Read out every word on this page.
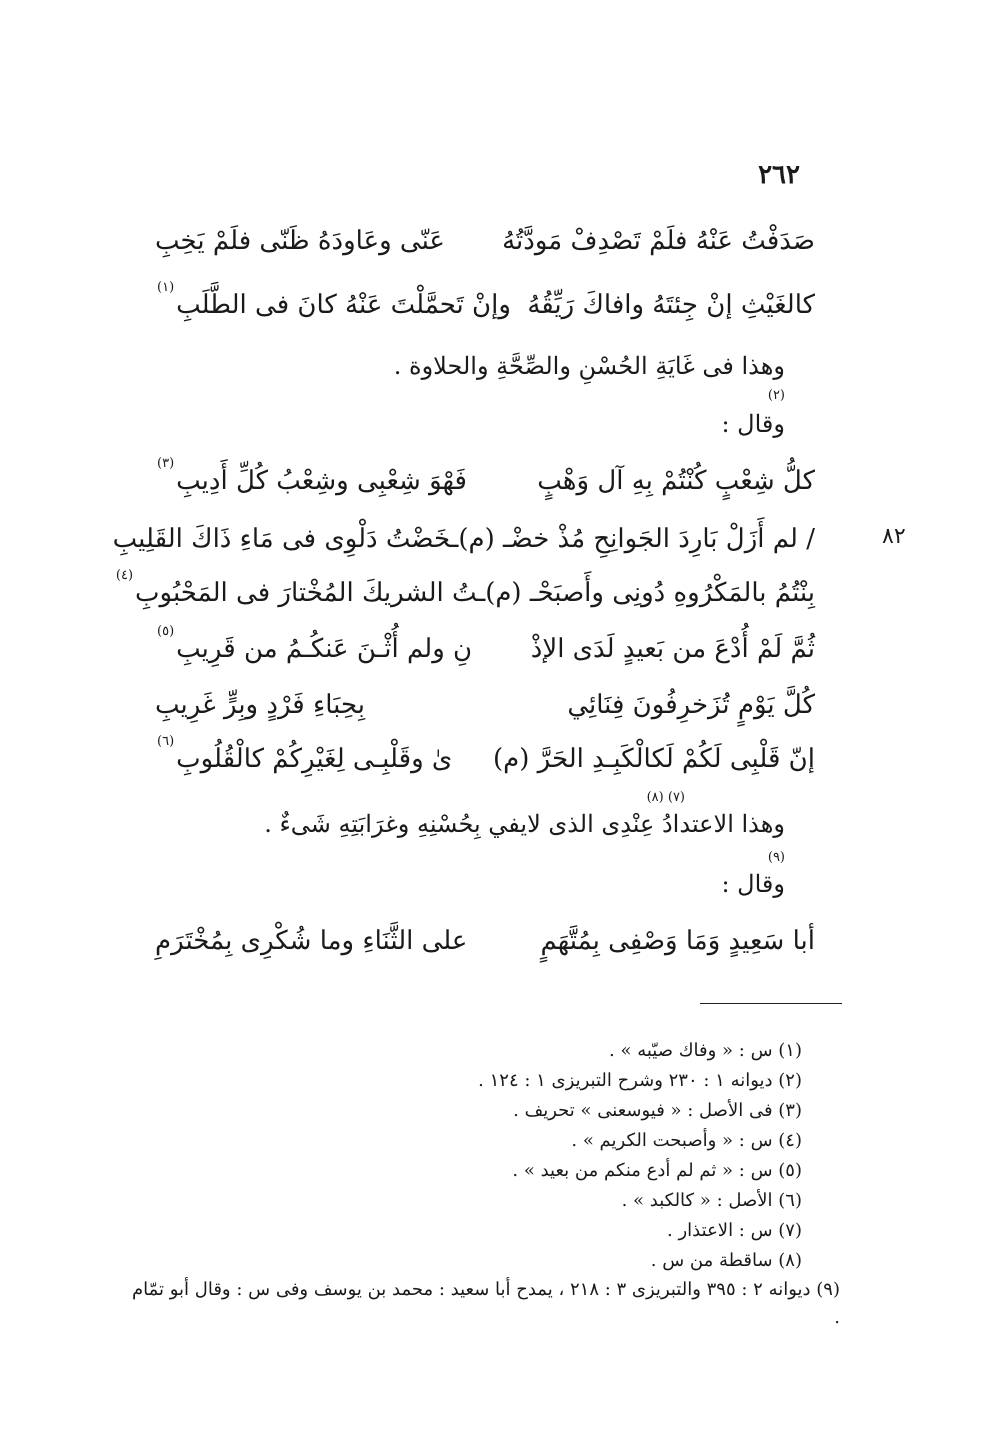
٢٦٢
٨٢
صَدَفْتُ عَنْهُ فلَمْ تَصْدِفْ مَودَّتُهُ
عَنّى وعَاودَهُ ظَنّى فلَمْ يَخِبِ
كالغَيْثِ إنْ جِئتَهُ وافاكَ رَيِّقُهُ
وإنْ تَحمَّلْتَ عَنْهُ كانَ فى الطَّلَبِ$^{(١)}$
وهذا فى غَايَةِ الحُسْنِ والصِّحَّةِ والحلاوة .
(٢)
وقال :
كلُّ شِعْبٍ كُنْتُمْ بِهِ آل وَهْبٍ
فَهْوَ شِعْبِى وشِعْبُ كُلِّ أَدِيبِ$^{(٣)}$
/ لم أَزَلْ بَارِدَ الجَوانِحِ مُذْ خضْـ (م)
ـخَضْتُ دَلْوِى فى مَاءِ ذَاكَ القَلِيبِ
بِنْتُمُ بالمَكْرُوهِ دُونِى وأَصبَحْـ (م)
ـتُ الشريكَ المُخْتارَ فى المَحْبُوبِ$^{(٤)}$
ثُمَّ لَمْ أُدْعَ من بَعيدٍ لَدَى الإذْ
نِ ولم أُثْـنَ عَنكُـمُ من قَرِيبِ$^{(٥)}$
كُلَّ يَوْمٍ تُزَخرِفُونَ فِنَائِي
بِحِبَاءِ فَرْدٍ وبِرٍّ غَرِيبِ
إنّ قَلْبِى لَكُمْ لَكالْكَبِـدِ الحَرَّ (م)
ىٰ وقَلْبِـى لِغَيْرِكُمْ كالْقُلُوبِ$^{(٦)}$
(٧) (٨)
وهذا الاعتدادُ عِنْدِى الذى لايفي بِحُسْنِهِ وغرَابَتِهِ شَىءٌ .
(٩)
وقال :
أبا سَعِيدٍ وَمَا وَصْفِى بِمُتَّهَمٍ
على الثَّنَاءِ وما شُكْرِى بِمُخْتَرَمِ
(١) س : « وفاك صيّبه » .
(٢) ديوانه ١ : ٢٣٠ وشرح التبريزى ١ : ١٢٤ .
(٣) فى الأصل : « فيوسعنى » تحريف .
(٤) س : « وأصبحت الكريم » .
(٥) س : « ثم لم أدع منكم من بعيد » .
(٦) الأصل : « كالكبد » .
(٧) س : الاعتذار .
(٨) ساقطة من س .
(٩) ديوانه ٢ : ٣٩٥ والتبريزى ٣ : ٢١٨ ، يمدح أبا سعيد : محمد بن يوسف وفى س : وقال أبو تمّام .
